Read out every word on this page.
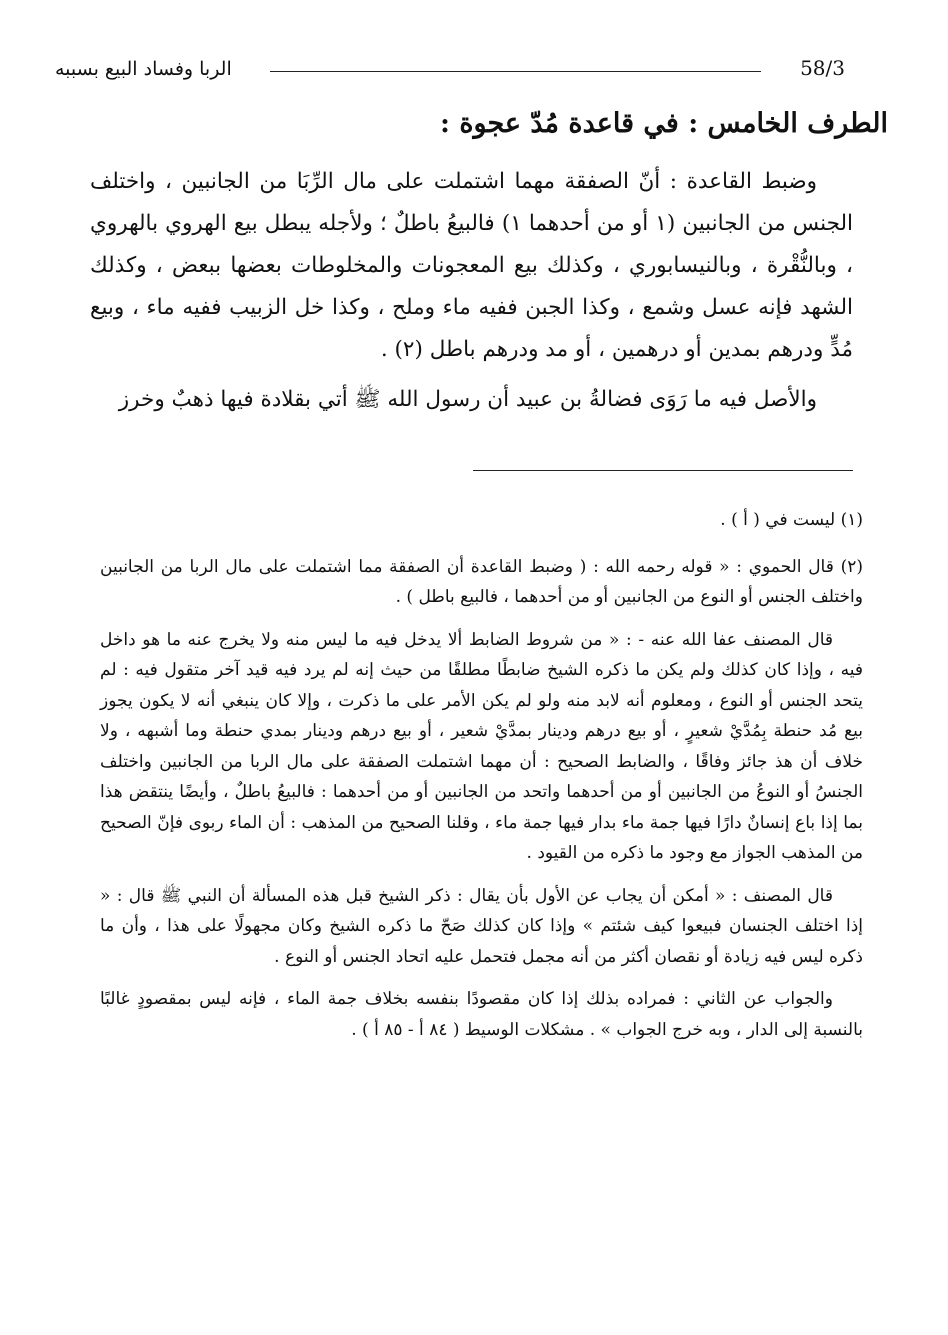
58/3
الربا وفساد البيع بسببه
الطرف الخامس : في قاعدة مُدّ عجوة :

وضبط القاعدة : أنّ الصفقة مهما اشتملت على مال الرِّبَا من الجانبين ، واختلف الجنس من الجانبين (١ أو من أحدهما ١) فالبيعُ باطلٌ ؛ ولأجله يبطل بيع الهروي بالهروي ، وبالنُّقْرة ، وبالنيسابوري ، وكذلك بيع المعجونات والمخلوطات بعضها ببعض ، وكذلك الشهد فإنه عسل وشمع ، وكذا الجبن ففيه ماء وملح ، وكذا خل الزبيب ففيه ماء ، وبيع مُدٍّ ودرهم بمدين أو درهمين ، أو مد ودرهم باطل (٢) .

والأصل فيه ما رَوَى فضالةُ بن عبيد أن رسول الله ﷺ أتي بقلادة فيها ذهبٌ وخرز

(١) ليست في ( أ ) .

(٢) قال الحموي : « قوله رحمه الله : ( وضبط القاعدة أن الصفقة مما اشتملت على مال الربا من الجانبين واختلف الجنس أو النوع من الجانبين أو من أحدهما ، فالبيع باطل ) .

قال المصنف عفا الله عنه - : « من شروط الضابط ألا يدخل فيه ما ليس منه ولا يخرج عنه ما هو داخل فيه ، وإذا كان كذلك ولم يكن ما ذكره الشيخ ضابطًا مطلقًا من حيث إنه لم يرد فيه قيد آخر متقول فيه : لم يتحد الجنس أو النوع ، ومعلوم أنه لابد منه ولو لم يكن الأمر على ما ذكرت ، وإلا كان ينبغي أنه لا يكون يجوز بيع مُد حنطة بِمُدَّيْ شعيرٍ ، أو بيع درهم ودينار بمدَّيْ شعير ، أو بيع درهم ودينار بمدي حنطة وما أشبهه ، ولا خلاف أن هذ جائز وفاقًا ، والضابط الصحيح : أن مهما اشتملت الصفقة على مال الربا من الجانبين واختلف الجنسُ أو النوعُ من الجانبين أو من أحدهما واتحد من الجانبين أو من أحدهما : فالبيعُ باطلٌ ، وأيضًا ينتقض هذا بما إذا باع إنسانٌ دارًا فيها جمة ماء بدار فيها جمة ماء ، وقلنا الصحيح من المذهب : أن الماء ربوى فإنّ الصحيح من المذهب الجواز مع وجود ما ذكره من القيود .

قال المصنف : « أمكن أن يجاب عن الأول بأن يقال : ذكر الشيخ قبل هذه المسألة أن النبي ﷺ قال : « إذا اختلف الجنسان فبيعوا كيف شئتم » وإذا كان كذلك صَحّ ما ذكره الشيخ وكان مجهولًا على هذا ، وأن ما ذكره ليس فيه زيادة أو نقصان أكثر من أنه مجمل فتحمل عليه اتحاد الجنس أو النوع .

والجواب عن الثاني : فمراده بذلك إذا كان مقصودًا بنفسه بخلاف جمة الماء ، فإنه ليس بمقصودٍ غالبًا بالنسبة إلى الدار ، وبه خرج الجواب » . مشكلات الوسيط ( ٨٤ أ - ٨٥ أ ) .
